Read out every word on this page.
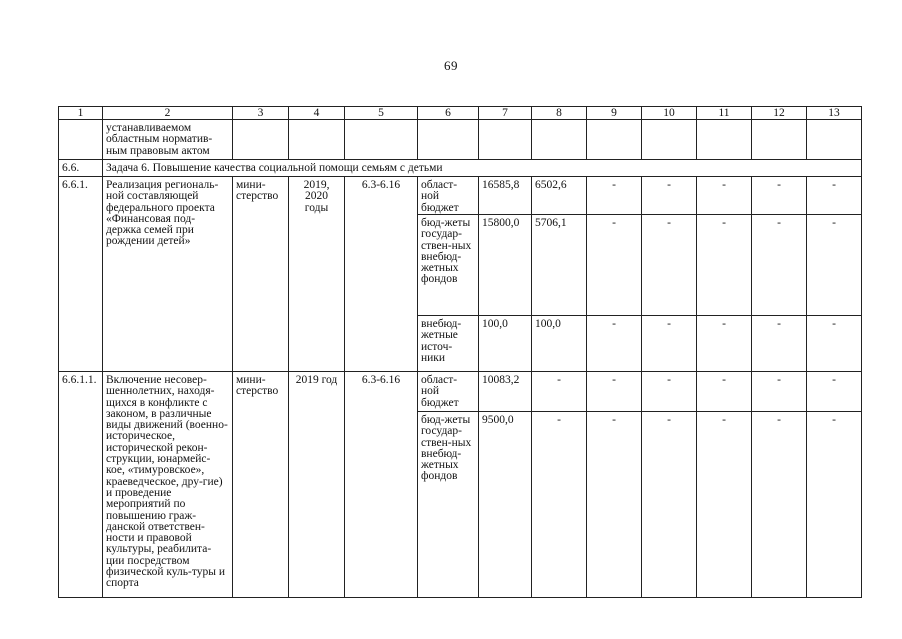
69
1	2	3	4	5	6	7	8	9	10	11	12	13
	устанавливаемом областным норматив-ным правовым актом											
6.6.	Задача 6. Повышение качества социальной помощи семьям с детьми											
6.6.1.	Реализация региональ-ной составляющей федерального проекта «Финансовая под-держка семей при рождении детей»	мини-стерство	2019, 2020 годы	6.3-6.16	област-ной бюджет	16585,8	6502,6	-	-	-	-	-
					бюд-жеты государ-ствен-ных внебюд-жетных фондов	15800,0	5706,1	-	-	-	-	-
					внебюд-жетные источ-ники	100,0	100,0	-	-	-	-	-
6.6.1.1.	Включение несовер-шеннолетних, находя-щихся в конфликте с законом, в различные виды движений (военно-историческое, исторической рекон-струкции, юнармейс-кое, «тимуровское», краеведческое, дру-гие) и проведение мероприятий по повышению граж-данской ответствен-ности и правовой культуры, реабилита-ции посредством физической куль-туры и спорта	мини-стерство	2019 год	6.3-6.16	област-ной бюджет	10083,2	-	-	-	-	-	-
					бюд-жеты государ-ствен-ных внебюд-жетных фондов	9500,0	-	-	-	-	-	-
